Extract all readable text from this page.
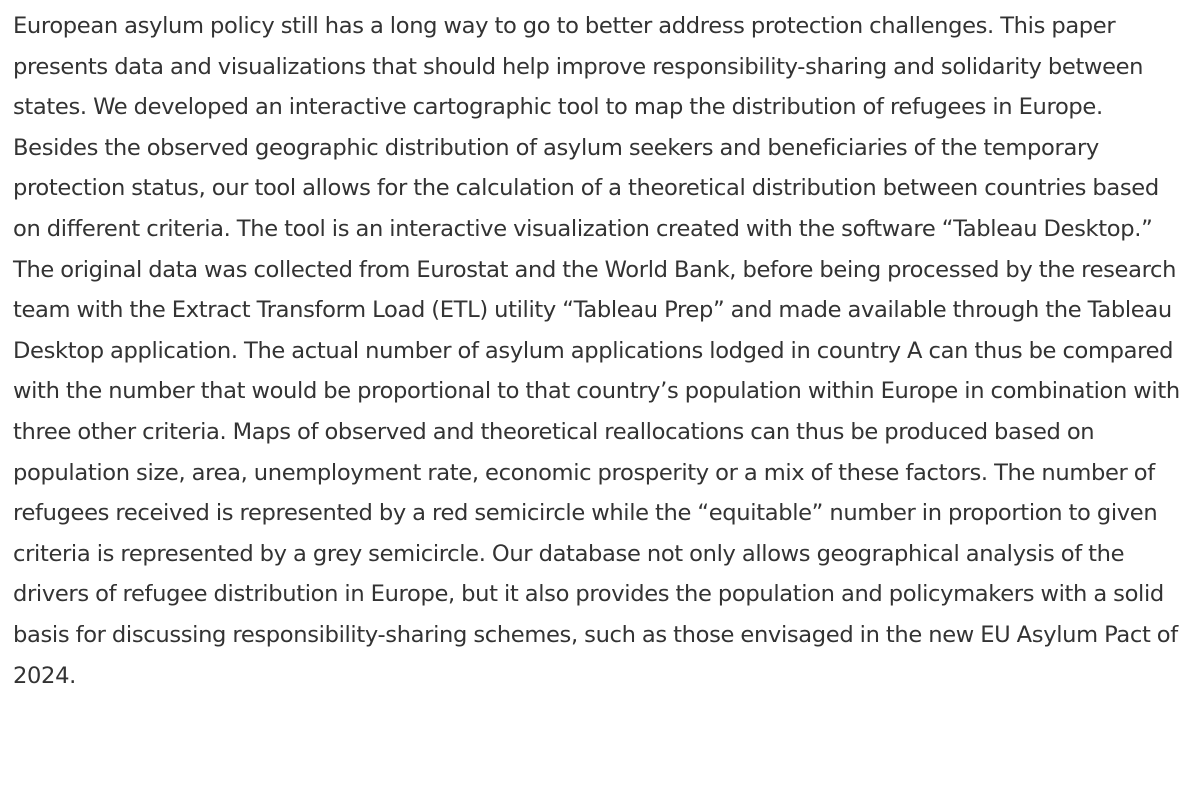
European asylum policy still has a long way to go to better address protection challenges. This paper presents data and visualizations that should help improve responsibility-sharing and solidarity between states. We developed an interactive cartographic tool to map the distribution of refugees in Europe. Besides the observed geographic distribution of asylum seekers and beneficiaries of the temporary protection status, our tool allows for the calculation of a theoretical distribution between countries based on different criteria. The tool is an interactive visualization created with the software “Tableau Desktop.” The original data was collected from Eurostat and the World Bank, before being processed by the research team with the Extract Transform Load (ETL) utility “Tableau Prep” and made available through the Tableau Desktop application. The actual number of asylum applications lodged in country A can thus be compared with the number that would be proportional to that country’s population within Europe in combination with three other criteria. Maps of observed and theoretical reallocations can thus be produced based on population size, area, unemployment rate, economic prosperity or a mix of these factors. The number of refugees received is represented by a red semicircle while the “equitable” number in proportion to given criteria is represented by a grey semicircle. Our database not only allows geographical analysis of the drivers of refugee distribution in Europe, but it also provides the population and policymakers with a solid basis for discussing responsibility-sharing schemes, such as those envisaged in the new EU Asylum Pact of 2024.
